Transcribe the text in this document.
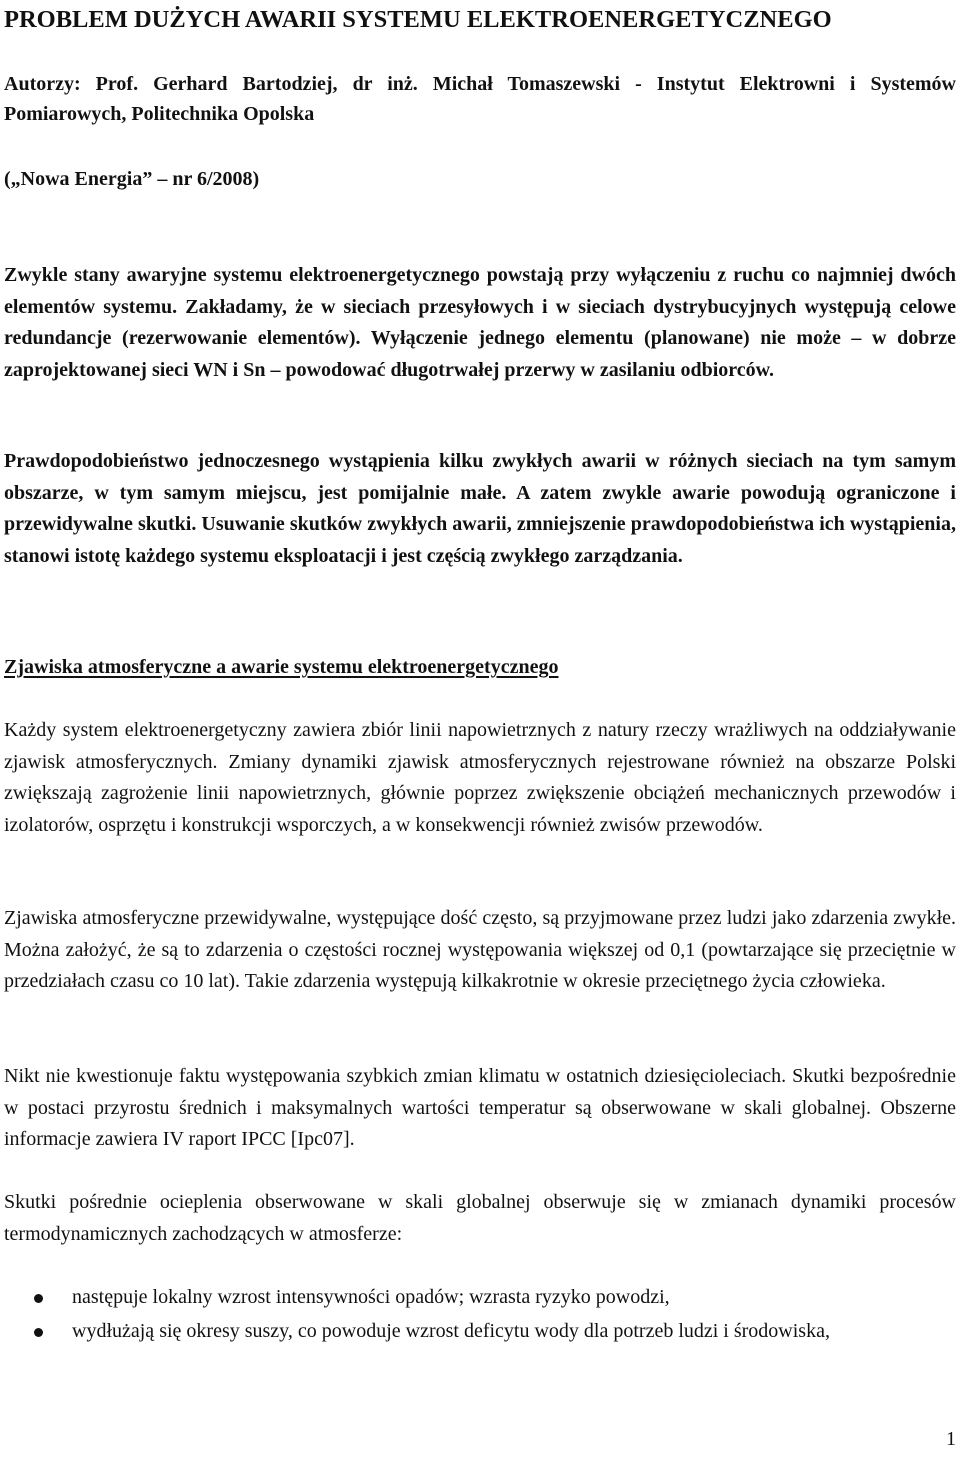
PROBLEM DUŻYCH AWARII SYSTEMU ELEKTROENERGETYCZNEGO

Autorzy: Prof. Gerhard Bartodziej, dr inż. Michał Tomaszewski - Instytut Elektrowni i Systemów Pomiarowych, Politechnika Opolska

(„Nowa Energia” – nr 6/2008)

Zwykle stany awaryjne systemu elektroenergetycznego powstają przy wyłączeniu z ruchu co najmniej dwóch elementów systemu. Zakładamy, że w sieciach przesyłowych i w sieciach dystrybucyjnych występują celowe redundancje (rezerwowanie elementów). Wyłączenie jednego elementu (planowane) nie może – w dobrze zaprojektowanej sieci WN i Sn – powodować długotrwałej przerwy w zasilaniu odbiorców.

Prawdopodobieństwo jednoczesnego wystąpienia kilku zwykłych awarii w różnych sieciach na tym samym obszarze, w tym samym miejscu, jest pomijalnie małe. A zatem zwykle awarie powodują ograniczone i przewidywalne skutki. Usuwanie skutków zwykłych awarii, zmniejszenie prawdopodobieństwa ich wystąpienia, stanowi istotę każdego systemu eksploatacji i jest częścią zwykłego zarządzania.

Zjawiska atmosferyczne a awarie systemu elektroenergetycznego

Każdy system elektroenergetyczny zawiera zbiór linii napowietrznych z natury rzeczy wrażliwych na oddziaływanie zjawisk atmosferycznych. Zmiany dynamiki zjawisk atmosferycznych rejestrowane również na obszarze Polski zwiększają zagrożenie linii napowietrznych, głównie poprzez zwiększenie obciążeń mechanicznych przewodów i izolatorów, osprzętu i konstrukcji wsporczych, a w konsekwencji również zwisów przewodów.

Zjawiska atmosferyczne przewidywalne, występujące dość często, są przyjmowane przez ludzi jako zdarzenia zwykłe. Można założyć, że są to zdarzenia o częstości rocznej występowania większej od 0,1 (powtarzające się przeciętnie w przedziałach czasu co 10 lat). Takie zdarzenia występują kilkakrotnie w okresie przeciętnego życia człowieka.

Nikt nie kwestionuje faktu występowania szybkich zmian klimatu w ostatnich dziesięcioleciach. Skutki bezpośrednie w postaci przyrostu średnich i maksymalnych wartości temperatur są obserwowane w skali globalnej. Obszerne informacje zawiera IV raport IPCC [Ipc07].

Skutki pośrednie ocieplenia obserwowane w skali globalnej obserwuje się w zmianach dynamiki procesów termodynamicznych zachodzących w atmosferze:

następuje lokalny wzrost intensywności opadów; wzrasta ryzyko powodzi,
wydłużają się okresy suszy, co powoduje wzrost deficytu wody dla potrzeb ludzi i środowiska,
1
